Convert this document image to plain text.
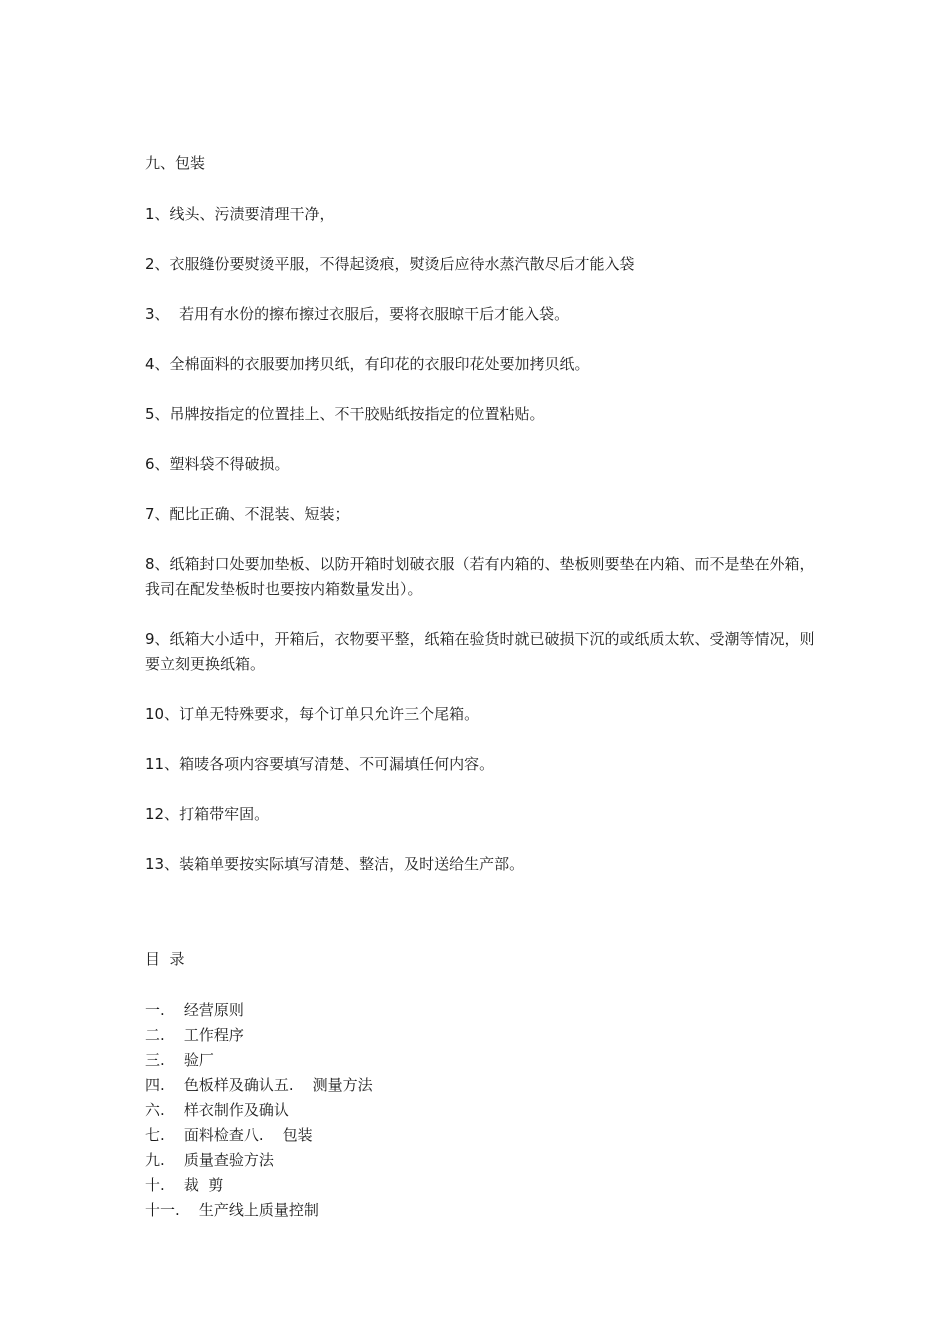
九、包装
1、线头、污渍要清理干净，
2、衣服缝份要熨烫平服，不得起烫痕，熨烫后应待水蒸汽散尽后才能入袋
3、  若用有水份的擦布擦过衣服后，要将衣服晾干后才能入袋。
4、全棉面料的衣服要加拷贝纸，有印花的衣服印花处要加拷贝纸。
5、吊牌按指定的位置挂上、不干胶贴纸按指定的位置粘贴。
6、塑料袋不得破损。
7、配比正确、不混装、短装；
8、纸箱封口处要加垫板、以防开箱时划破衣服（若有内箱的、垫板则要垫在内箱、而不是垫在外箱，我司在配发垫板时也要按内箱数量发出）。
9、纸箱大小适中，开箱后，衣物要平整，纸箱在验货时就已破损下沉的或纸质太软、受潮等情况，则要立刻更换纸箱。
10、订单无特殊要求，每个订单只允许三个尾箱。
11、箱唛各项内容要填写清楚、不可漏填任何内容。
12、打箱带牢固。
13、装箱单要按实际填写清楚、整洁，及时送给生产部。
目  录
一.    经营原则
二.    工作程序
三.    验厂
四.    色板样及确认五.    测量方法
六.    样衣制作及确认
七.    面料检查八.    包装
九.    质量查验方法
十.    裁  剪
十一.    生产线上质量控制
